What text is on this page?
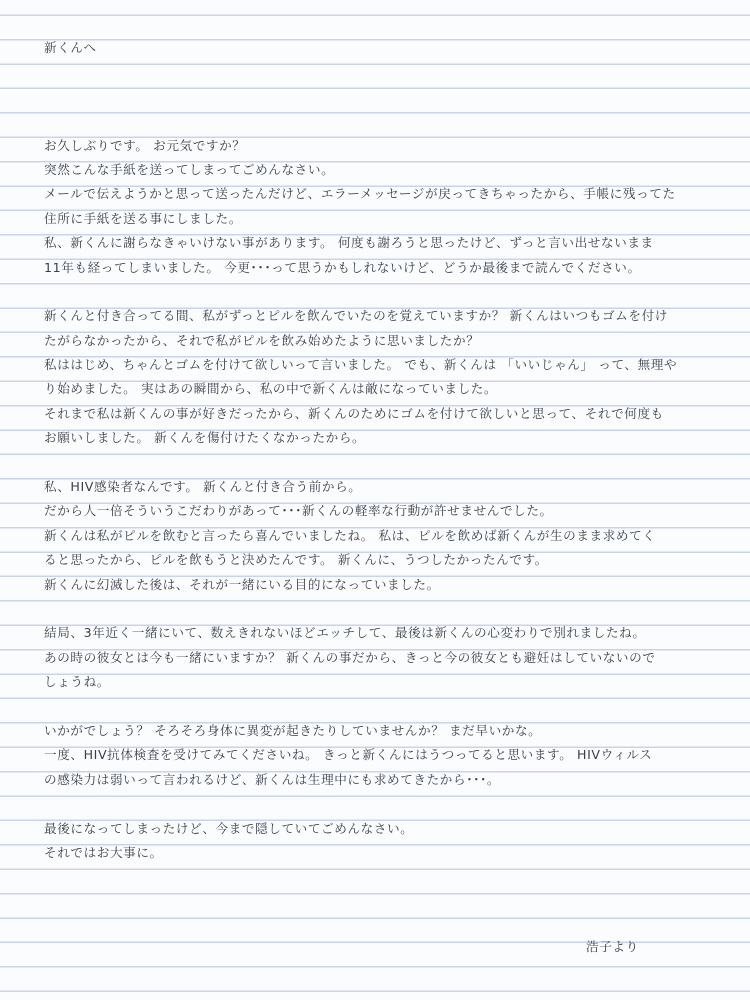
新くんへ
お久しぶりです。 お元気ですか？
突然こんな手紙を送ってしまってごめんなさい。
メールで伝えようかと思って送ったんだけど、エラーメッセージが戻ってきちゃったから、手帳に残ってた
住所に手紙を送る事にしました。
私、新くんに謝らなきゃいけない事があります。 何度も謝ろうと思ったけど、ずっと言い出せないまま
11年も経ってしまいました。 今更･･･って思うかもしれないけど、どうか最後まで読んでください。
新くんと付き合ってる間、私がずっとピルを飲んでいたのを覚えていますか？ 新くんはいつもゴムを付け
たがらなかったから、それで私がピルを飲み始めたように思いましたか？
私ははじめ、ちゃんとゴムを付けて欲しいって言いました。 でも、新くんは 「いいじゃん」 って、無理や
り始めました。 実はあの瞬間から、私の中で新くんは敵になっていました。
それまで私は新くんの事が好きだったから、新くんのためにゴムを付けて欲しいと思って、それで何度も
お願いしました。 新くんを傷付けたくなかったから。
私、HIV感染者なんです。 新くんと付き合う前から。
だから人一倍そういうこだわりがあって･･･新くんの軽率な行動が許せませんでした。
新くんは私がピルを飲むと言ったら喜んでいましたね。 私は、ピルを飲めば新くんが生のまま求めてく
ると思ったから、ピルを飲もうと決めたんです。 新くんに、うつしたかったんです。
新くんに幻滅した後は、それが一緒にいる目的になっていました。
結局、3年近く一緒にいて、数えきれないほどエッチして、最後は新くんの心変わりで別れましたね。
あの時の彼女とは今も一緒にいますか？ 新くんの事だから、きっと今の彼女とも避妊はしていないので
しょうね。
いかがでしょう？ そろそろ身体に異変が起きたりしていませんか？ まだ早いかな。
一度、HIV抗体検査を受けてみてくださいね。 きっと新くんにはうつってると思います。 HIVウィルス
の感染力は弱いって言われるけど、新くんは生理中にも求めてきたから･･･。
最後になってしまったけど、今まで隠していてごめんなさい。
それではお大事に。
浩子より
